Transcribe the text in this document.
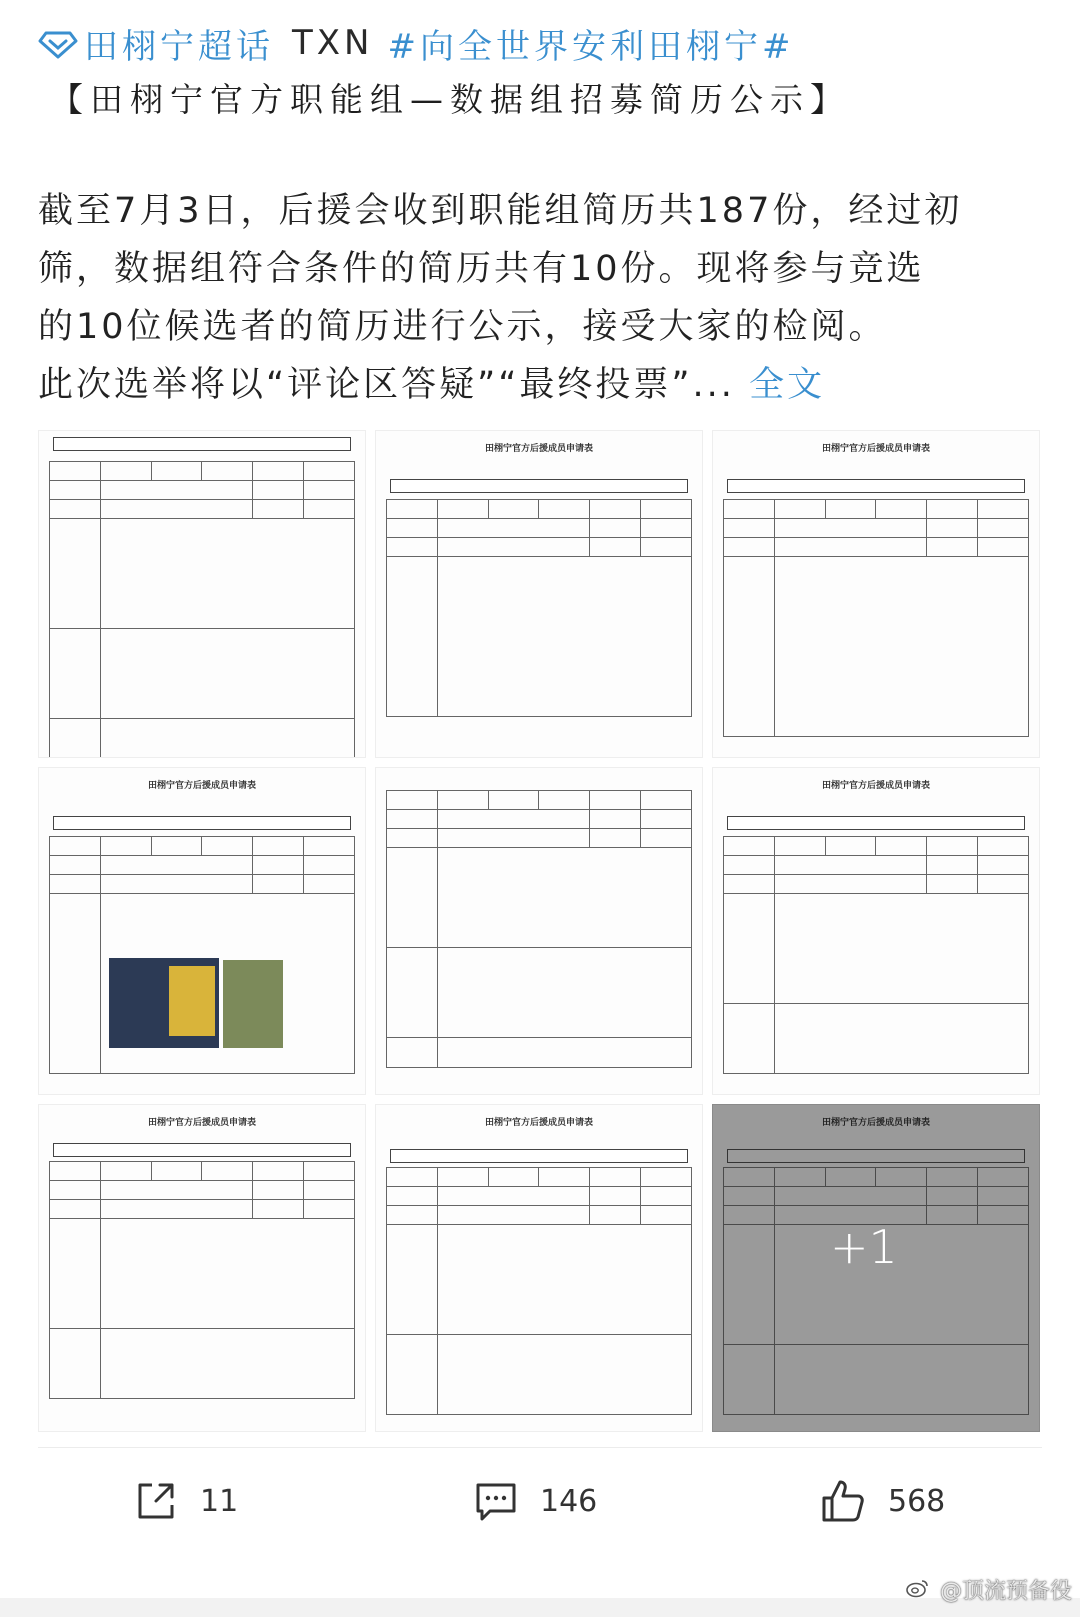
田栩宁超话 TXN #向全世界安利田栩宁#
【田栩宁官方职能组—数据组招募简历公示】

截至7月3日，后援会收到职能组简历共187份，经过初

筛，数据组符合条件的简历共有10份。现将参与竞选

的10位候选者的简历进行公示，接受大家的检阅。

此次选举将以“评论区答疑”“最终投票”... 全文

田栩宁官方后援成员申请表

		田栩宁官方后援成员申请表

田栩宁官方后援成员申请表

		田栩宁官方后援成员申请表

田栩宁官方后援成员申请表

		田栩宁官方后援成员申请表

		田栩宁官方后援成员申请表

+1
11	146	568
@顶流预备役
